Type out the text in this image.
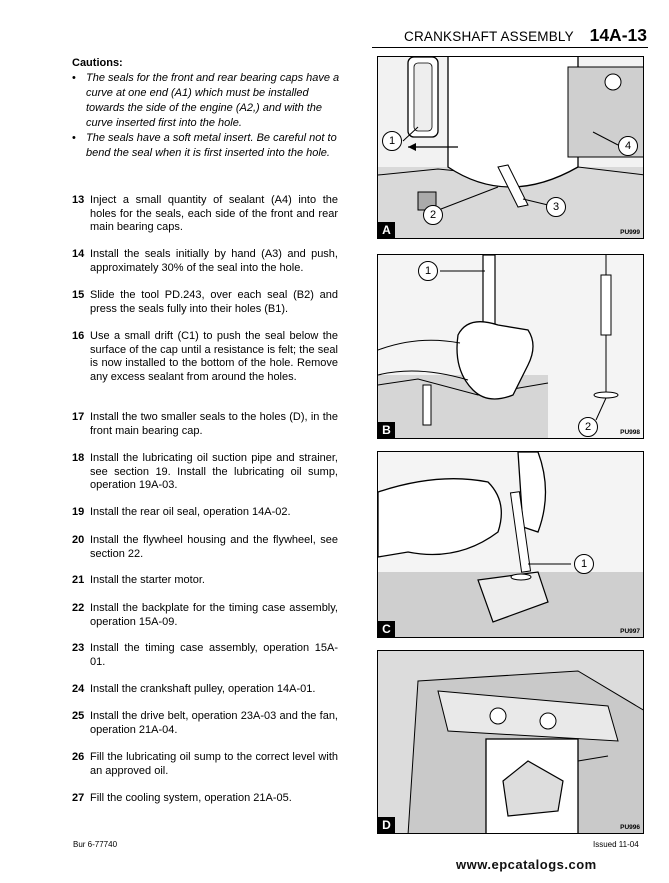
CRANKSHAFT ASSEMBLY 14A-13
Cautions:
• The seals for the front and rear bearing caps have a curve at one end (A1) which must be installed towards the side of the engine (A2,) and with the curve inserted first into the hole.
• The seals have a soft metal insert. Be careful not to bend the seal when it is first inserted into the hole.
13 Inject a small quantity of sealant (A4) into the holes for the seals, each side of the front and rear main bearing caps.
14 Install the seals initially by hand (A3) and push, approximately 30% of the seal into the hole.
15 Slide the tool PD.243, over each seal (B2) and press the seals fully into their holes (B1).
16 Use a small drift (C1) to push the seal below the surface of the cap until a resistance is felt; the seal is now installed to the bottom of the hole. Remove any excess sealant from around the holes.
17 Install the two smaller seals to the holes (D), in the front main bearing cap.
18 Install the lubricating oil suction pipe and strainer, see section 19. Install the lubricating oil sump, operation 19A-03.
19 Install the rear oil seal, operation 14A-02.
20 Install the flywheel housing and the flywheel, see section 22.
21 Install the starter motor.
22 Install the backplate for the timing case assembly, operation 15A-09.
23 Install the timing case assembly, operation 15A-01.
24 Install the crankshaft pulley, operation 14A-01.
25 Install the drive belt, operation 23A-03 and the fan, operation 21A-04.
26 Fill the lubricating oil sump to the correct level with an approved oil.
27 Fill the cooling system, operation 21A-05.
1
2
3
4
A	PU999
1
2
B	PU998
1
C	PU997
D	PU996
Bur 6-77740	Issued 11-04
www.epcatalogs.com
